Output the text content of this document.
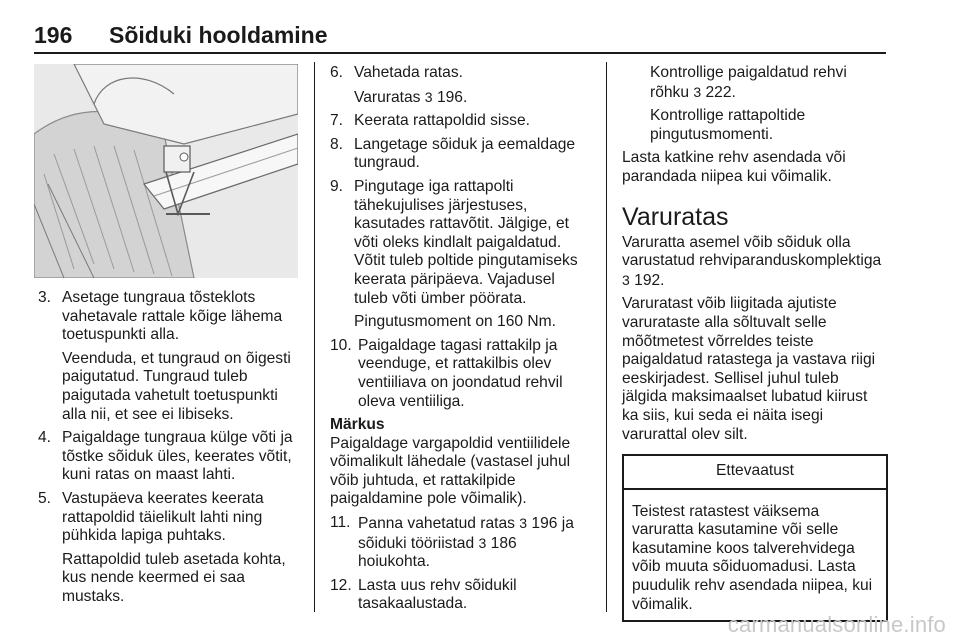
196 Sõiduki hooldamine
3. Asetage tungraua tõsteklots vahetavale rattale kõige lähema toetuspunkti alla.
Veenduda, et tungraud on õigesti paigutatud. Tungraud tuleb paigutada vahetult toetuspunkti alla nii, et see ei libiseks.
4. Paigaldage tungraua külge võti ja tõstke sõiduk üles, keerates võtit, kuni ratas on maast lahti.
5. Vastupäeva keerates keerata rattapoldid täielikult lahti ning pühkida lapiga puhtaks.
Rattapoldid tuleb asetada kohta, kus nende keermed ei saa mustaks.
6. Vahetada ratas.
Varuratas 3 196.
7. Keerata rattapoldid sisse.
8. Langetage sõiduk ja eemaldage tungraud.
9. Pingutage iga rattapolti tähekujulises järjestuses, kasutades rattavõtit. Jälgige, et võti oleks kindlalt paigaldatud. Võtit tuleb poltide pingutamiseks keerata päripäeva. Vajadusel tuleb võti ümber pöörata.
Pingutusmoment on 160 Nm.
10. Paigaldage tagasi rattakilp ja veenduge, et rattakilbis olev ventiiliava on joondatud rehvil oleva ventiiliga.
Märkus
Paigaldage vargapoldid ventiilidele võimalikult lähedale (vastasel juhul võib juhtuda, et rattakilpide paigaldamine pole võimalik).
11. Panna vahetatud ratas 3 196 ja sõiduki tööriistad 3 186 hoiukohta.
12. Lasta uus rehv sõidukil tasakaalustada.
Kontrollige paigaldatud rehvi rõhku 3 222.
Kontrollige rattapoltide pingutusmomenti.
Lasta katkine rehv asendada või parandada niipea kui võimalik.
Varuratas
Varuratta asemel võib sõiduk olla varustatud rehviparanduskomplektiga 3 192.
Varuratast võib liigitada ajutiste varurataste alla sõltuvalt selle mõõtmetest võrreldes teiste paigaldatud ratastega ja vastava riigi eeskirjadest. Sellisel juhul tuleb jälgida maksimaalset lubatud kiirust ka siis, kui seda ei näita isegi varurattal olev silt.
Ettevaatust
Teistest ratastest väiksema varuratta kasutamine või selle kasutamine koos talverehvidega võib muuta sõiduomadusi. Lasta puudulik rehv asendada niipea, kui võimalik.
carmanualsonline.info
